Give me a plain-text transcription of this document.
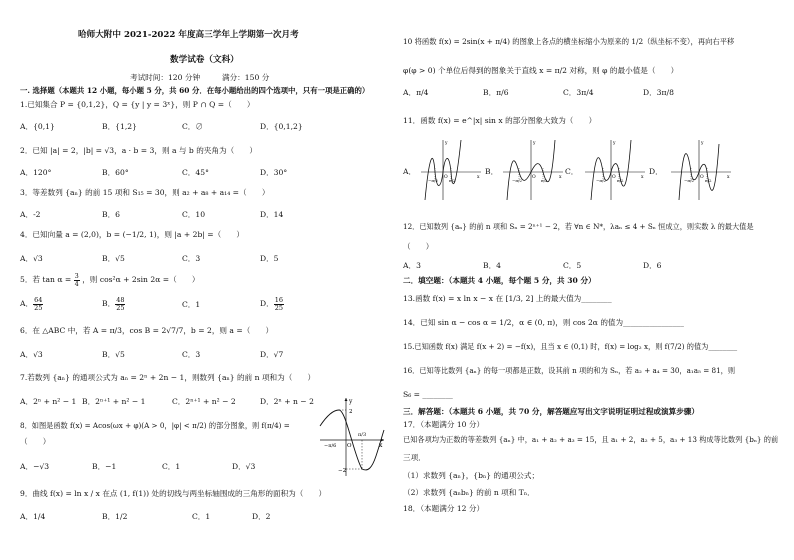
哈师大附中 2021-2022 年度高三学年上学期第一次月考
数学试卷（文科）
考试时间：120 分钟	满分：150 分
一. 选择题（本题共 12 小题，每小题 5 分，共 60 分．在每小题给出的四个选项中，只有一项是正确的）
1.已知集合 P = {0,1,2}，Q = {y | y = 3ˣ}，则 P ∩ Q =（　　）
A．{0,1}	B．{1,2}	C．∅	D．{0,1,2}
2．已知 |a| = 2，|b| = √3，a · b = 3，则 a 与 b 的夹角为（　　）
A．120°	B．60°	C．45°	D．30°
3．等差数列 {aₙ} 的前 15 项和 S₁₅ = 30，则 a₂ + a₈ + a₁₄ =（　　）
A．-2	B．6	C．10	D．14
4．已知向量 a = (2,0)，b = (−1/2, 1)，则 |a + 2b| =（　　）
A．√3	B．√5	C．3	D．5
5．若 $\tan \alpha = \frac{3}{4}$ ，则 cos²α + 2sin 2α =（　　）
A． $\frac{64}{25}$	B． $\frac{48}{25}$	C．1	D． $\frac{16}{25}$
6．在 △ABC 中，若 A = π/3，cos B = 2√7/7，b = 2，则 a =（　　）
A．√3	B．√5	C．3	D．√7
7.若数列 {aₙ} 的通项公式为 aₙ = 2ⁿ + 2n − 1，则数列 {aₙ} 的前 n 项和为（　　）
A．2ⁿ + n² − 1 B．2ⁿ⁺¹ + n² − 1	C．2ⁿ⁺¹ + n² − 2	D．2ⁿ + n − 2
8．如图是函数 f(x) = Acos(ωx + φ)(A > 0，|φ| < π/2) 的部分图象，则 f(π/4) =
（　　）
A．−√3	B．−1	C．1	D．√3
y
x
O
2
−2
−π/6
π/3
9．曲线 f(x) = ln x / x 在点 (1, f(1)) 处的切线与两坐标轴围成的三角形的面积为（　　）
A．1/4	B．1/2	C．1	D．2
10 将函数 f(x) = 2sin(x + π/4) 的图象上各点的横坐标缩小为原来的 1/2（纵坐标不变），再向右平移
φ(φ > 0) 个单位后得到的图象关于直线 x = π/2 对称，则 φ 的最小值是（　　）
A．π/4	B．π/6	C．3π/4	D．3π/8
11．函数 f(x) = e^|x| sin x 的部分图象大致为（　　）
A．	B．	C．	D．
O	x
y
−π/2	π/2
O	x
y
−π/2	π/2
O	x
y
−π/2	π/2
O	x
y
−π/2	π/2
12．已知数列 {aₙ} 的前 n 项和 Sₙ = 2ⁿ⁺¹ − 2，若 ∀n ∈ N*，λaₙ ≤ 4 + Sₙ 恒成立，则实数 λ 的最大值是
（　　）
A．3	B．4	C．5	D．6
二．填空题：（本题共 4 小题，每个题 5 分，共 30 分）
13.函数 f(x) = x ln x − x 在 [1/3, 2] 上的最大值为________
14．已知 sin α − cos α = 1/2，α ∈ (0, π)，则 cos 2α 的值为________________
15.已知函数 f(x) 满足 f(x + 2) = −f(x)，且当 x ∈ (0,1) 时，f(x) = log₂ x，则 f(7/2) 的值为________
16．已知等比数列 {aₙ} 的每一项都是正数，设其前 n 项的和为 Sₙ，若 a₂ + a₄ = 30，a₁a₅ = 81，则
S₆ = ________
三．解答题：（本题共 6 小题，共 70 分，解答题应写出文字说明证明过程或演算步骤）
17．（本题满分 10 分）
已知各项均为正数的等差数列 {aₙ} 中，a₁ + a₂ + a₃ = 15，且 a₁ + 2，a₂ + 5，a₃ + 13 构成等比数列 {bₙ} 的前
三项．
（1）求数列 {aₙ}，{bₙ} 的通项公式；
（2）求数列 {aₙbₙ} 的前 n 项和 Tₙ．
18．（本题满分 12 分）
